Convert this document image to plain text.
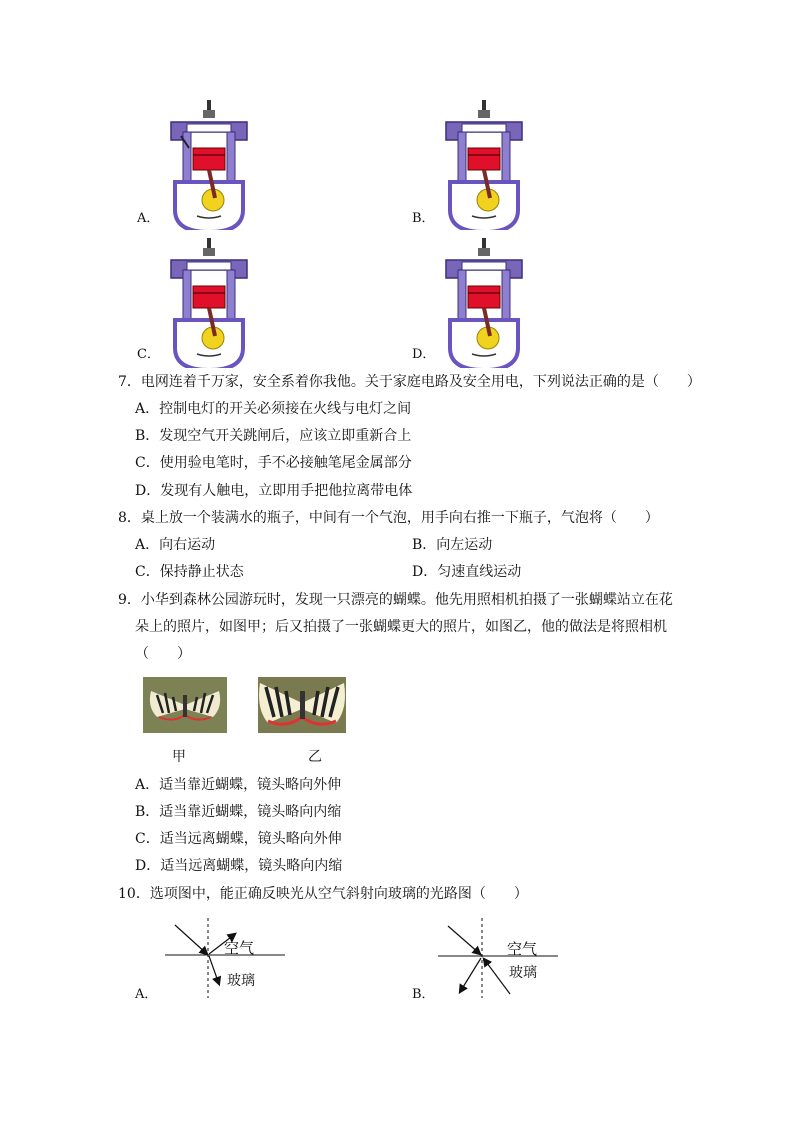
A．	B．
C．	D．
7．电网连着千万家，安全系着你我他。关于家庭电路及安全用电，下列说法正确的是（　　）
A．控制电灯的开关必须接在火线与电灯之间
B．发现空气开关跳闸后，应该立即重新合上
C．使用验电笔时，手不必接触笔尾金属部分
D．发现有人触电，立即用手把他拉离带电体
8．桌上放一个装满水的瓶子，中间有一个气泡，用手向右推一下瓶子，气泡将（　　）
A．向右运动	B．向左运动
C．保持静止状态	D．匀速直线运动
9．小华到森林公园游玩时，发现一只漂亮的蝴蝶。他先用照相机拍摄了一张蝴蝶站立在花
朵上的照片，如图甲；后又拍摄了一张蝴蝶更大的照片，如图乙，他的做法是将照相机
（　　）
甲	乙
A．适当靠近蝴蝶，镜头略向外伸
B．适当靠近蝴蝶，镜头略向内缩
C．适当远离蝴蝶，镜头略向外伸
D．适当远离蝴蝶，镜头略向内缩
10．选项图中，能正确反映光从空气斜射向玻璃的光路图（　　）
空气
玻璃
A．
空气
玻璃
B．
